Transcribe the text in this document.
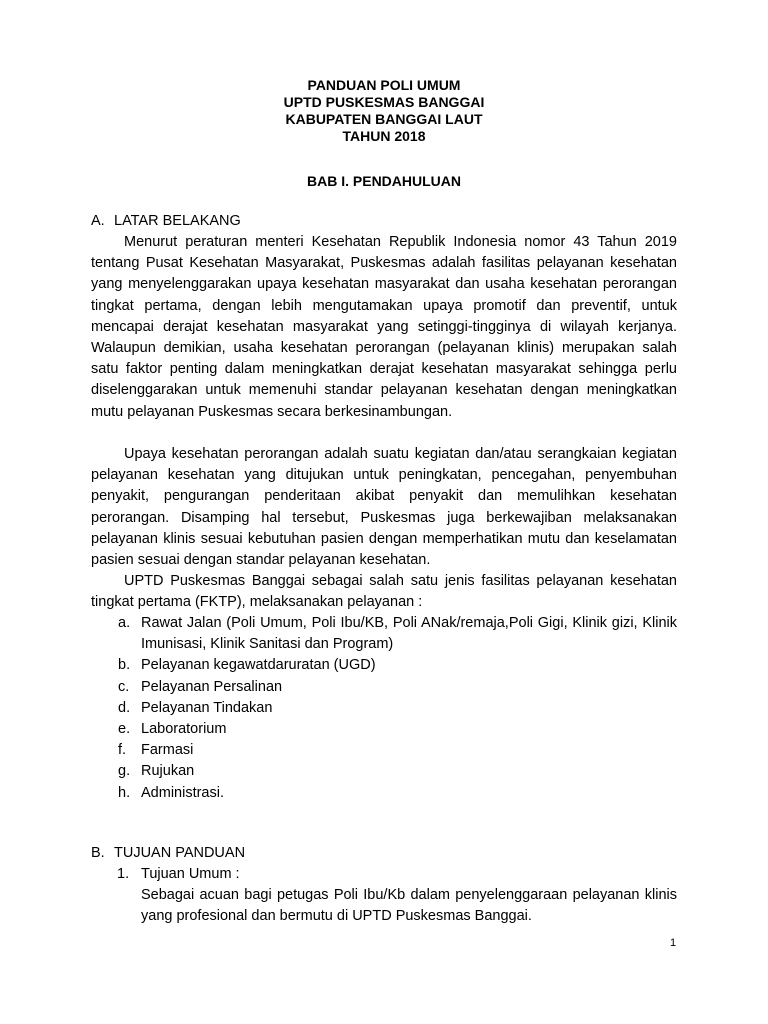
PANDUAN POLI UMUM
UPTD PUSKESMAS BANGGAI
KABUPATEN BANGGAI LAUT
TAHUN 2018
BAB I. PENDAHULUAN
A. LATAR BELAKANG
Menurut peraturan menteri Kesehatan Republik Indonesia nomor 43 Tahun 2019 tentang Pusat Kesehatan Masyarakat, Puskesmas adalah fasilitas pelayanan kesehatan yang menyelenggarakan upaya kesehatan masyarakat dan usaha kesehatan perorangan tingkat pertama, dengan lebih mengutamakan upaya promotif dan preventif, untuk mencapai derajat kesehatan masyarakat yang setinggi-tingginya di wilayah kerjanya. Walaupun demikian, usaha kesehatan perorangan (pelayanan klinis) merupakan salah satu faktor penting dalam meningkatkan derajat kesehatan masyarakat sehingga perlu diselenggarakan untuk memenuhi standar pelayanan kesehatan dengan meningkatkan mutu pelayanan Puskesmas secara berkesinambungan.
Upaya kesehatan perorangan adalah suatu kegiatan dan/atau serangkaian kegiatan pelayanan kesehatan yang ditujukan untuk peningkatan, pencegahan, penyembuhan penyakit, pengurangan penderitaan akibat penyakit dan memulihkan kesehatan perorangan. Disamping hal tersebut, Puskesmas juga berkewajiban melaksanakan pelayanan klinis sesuai kebutuhan pasien dengan memperhatikan mutu dan keselamatan pasien sesuai dengan standar pelayanan kesehatan.
UPTD Puskesmas Banggai sebagai salah satu jenis fasilitas pelayanan kesehatan tingkat pertama (FKTP), melaksanakan pelayanan :
a. Rawat Jalan (Poli Umum, Poli Ibu/KB, Poli ANak/remaja,Poli Gigi, Klinik gizi, Klinik Imunisasi, Klinik Sanitasi dan Program)
b. Pelayanan kegawatdaruratan (UGD)
c. Pelayanan Persalinan
d. Pelayanan Tindakan
e. Laboratorium
f. Farmasi
g. Rujukan
h. Administrasi.
B. TUJUAN PANDUAN
1. Tujuan Umum :
Sebagai acuan bagi petugas Poli Ibu/Kb dalam penyelenggaraan pelayanan klinis yang profesional dan bermutu di UPTD Puskesmas Banggai.
1
